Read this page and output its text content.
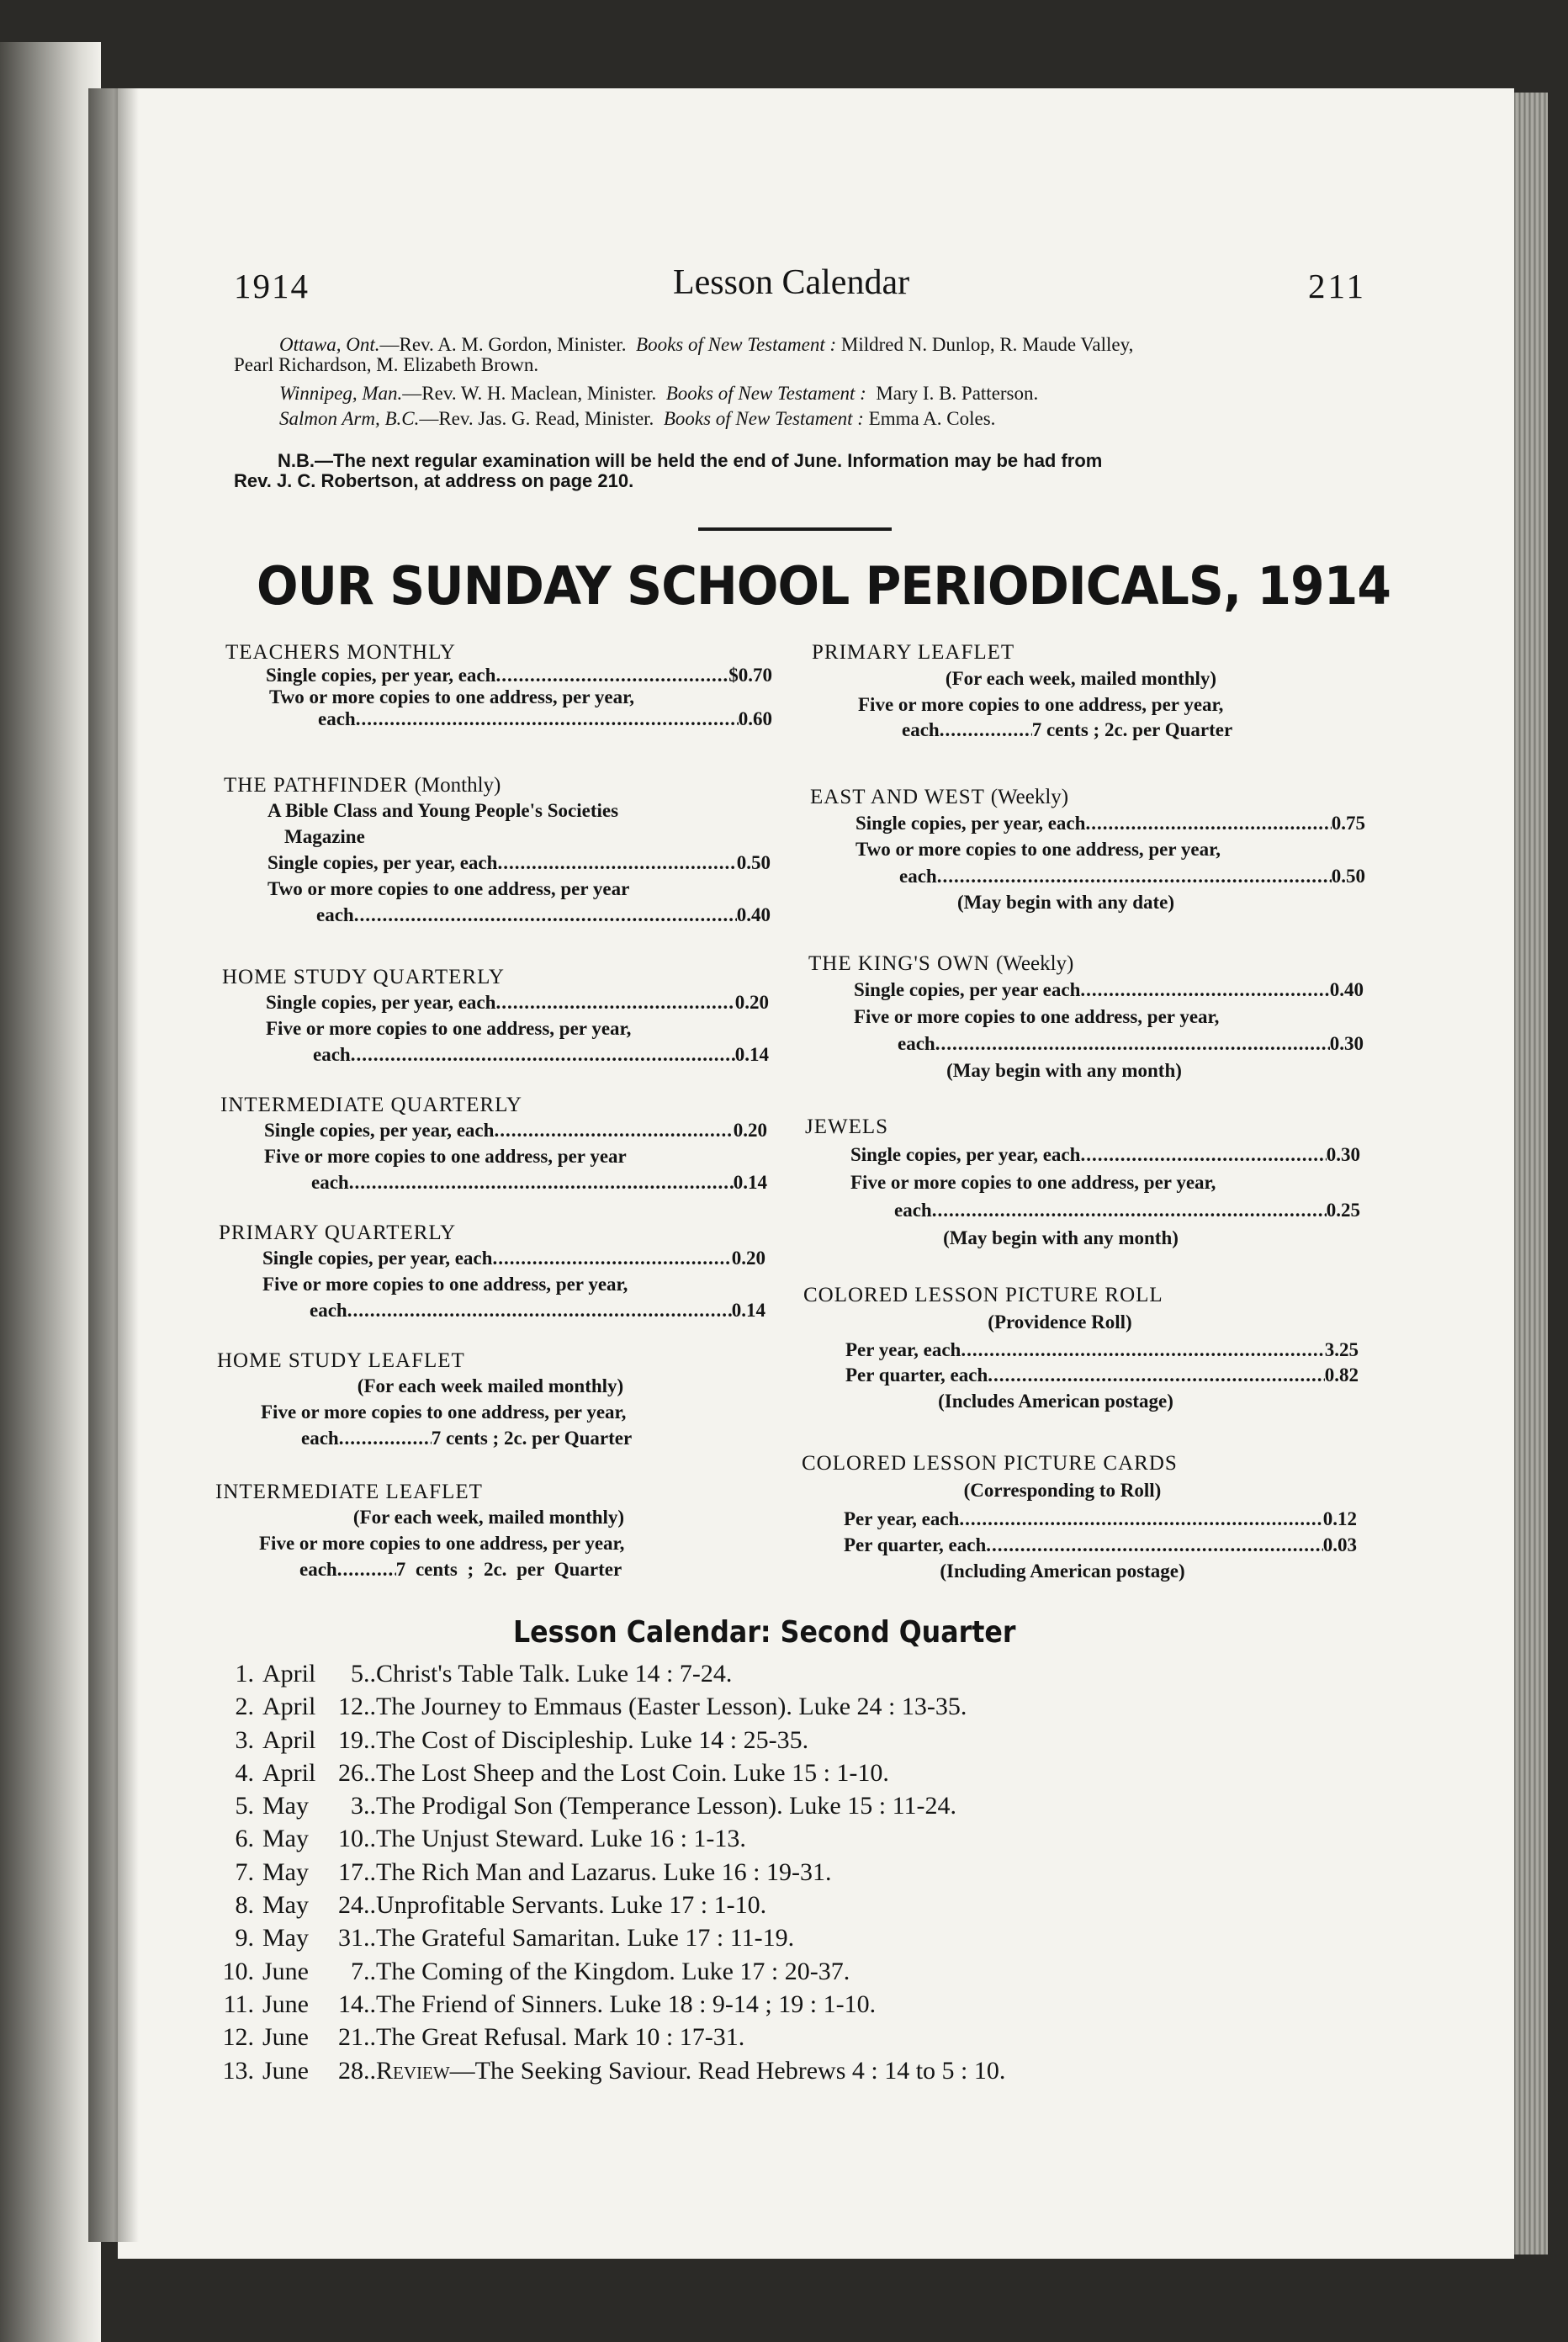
1914	Lesson Calendar	211
Ottawa, Ont.—Rev. A. M. Gordon, Minister. Books of New Testament : Mildred N. Dunlop, R. Maude Valley,
Pearl Richardson, M. Elizabeth Brown.
Winnipeg, Man.—Rev. W. H. Maclean, Minister. Books of New Testament : Mary I. B. Patterson.
Salmon Arm, B.C.—Rev. Jas. G. Read, Minister. Books of New Testament : Emma A. Coles.
N.B.—The next regular examination will be held the end of June. Information may be had from
Rev. J. C. Robertson, at address on page 210.
OUR SUNDAY SCHOOL PERIODICALS, 1914
TEACHERS MONTHLY
Single copies, per year, each .....	$0.70
Two or more copies to one address, per year,
each .....	0.60
THE PATHFINDER (Monthly)
A Bible Class and Young People's Societies
Magazine
Single copies, per year, each .....	0.50
Two or more copies to one address, per year
each .....	0.40
HOME STUDY QUARTERLY
Single copies, per year, each .....	0.20
Five or more copies to one address, per year,
each .....	0.14
INTERMEDIATE QUARTERLY
Single copies, per year, each .....	0.20
Five or more copies to one address, per year
each .....	0.14
PRIMARY QUARTERLY
Single copies, per year, each .....	0.20
Five or more copies to one address, per year,
each .....	0.14
HOME STUDY LEAFLET
(For each week mailed monthly)
Five or more copies to one address, per year,
each .....	7 cents ; 2c. per Quarter
INTERMEDIATE LEAFLET
(For each week, mailed monthly)
Five or more copies to one address, per year,
each .....	7 cents ; 2c. per Quarter
PRIMARY LEAFLET
(For each week, mailed monthly)
Five or more copies to one address, per year,
each .....	7 cents ; 2c. per Quarter
EAST AND WEST (Weekly)
Single copies, per year, each .....	0.75
Two or more copies to one address, per year,
each .....	0.50
(May begin with any date)
THE KING'S OWN (Weekly)
Single copies, per year each .....	0.40
Five or more copies to one address, per year,
each .....	0.30
(May begin with any month)
JEWELS
Single copies, per year, each .....	0.30
Five or more copies to one address, per year,
each .....	0.25
(May begin with any month)
COLORED LESSON PICTURE ROLL
(Providence Roll)
Per year, each .....	3.25
Per quarter, each .....	0.82
(Includes American postage)
COLORED LESSON PICTURE CARDS
(Corresponding to Roll)
Per year, each .....	0.12
Per quarter, each .....	0.03
(Including American postage)
Lesson Calendar: Second Quarter
1. April	5 .. Christ's Table Talk. Luke 14 : 7-24.
2. April 12 .. The Journey to Emmaus (Easter Lesson). Luke 24 : 13-35.
3. April 19 .. The Cost of Discipleship. Luke 14 : 25-35.
4. April 26 .. The Lost Sheep and the Lost Coin. Luke 15 : 1-10.
5. May	3 .. The Prodigal Son (Temperance Lesson). Luke 15 : 11-24.
6. May	10 .. The Unjust Steward. Luke 16 : 1-13.
7. May	17 .. The Rich Man and Lazarus. Luke 16 : 19-31.
8. May	24 .. Unprofitable Servants. Luke 17 : 1-10.
9. May	31 .. The Grateful Samaritan. Luke 17 : 11-19.
10. June	7 .. The Coming of the Kingdom. Luke 17 : 20-37.
11. June	14 .. The Friend of Sinners. Luke 18 : 9-14 ; 19 : 1-10.
12. June	21 .. The Great Refusal. Mark 10 : 17-31.
13. June	28 .. Review —The Seeking Saviour. Read Hebrews 4 : 14 to 5 : 10.
